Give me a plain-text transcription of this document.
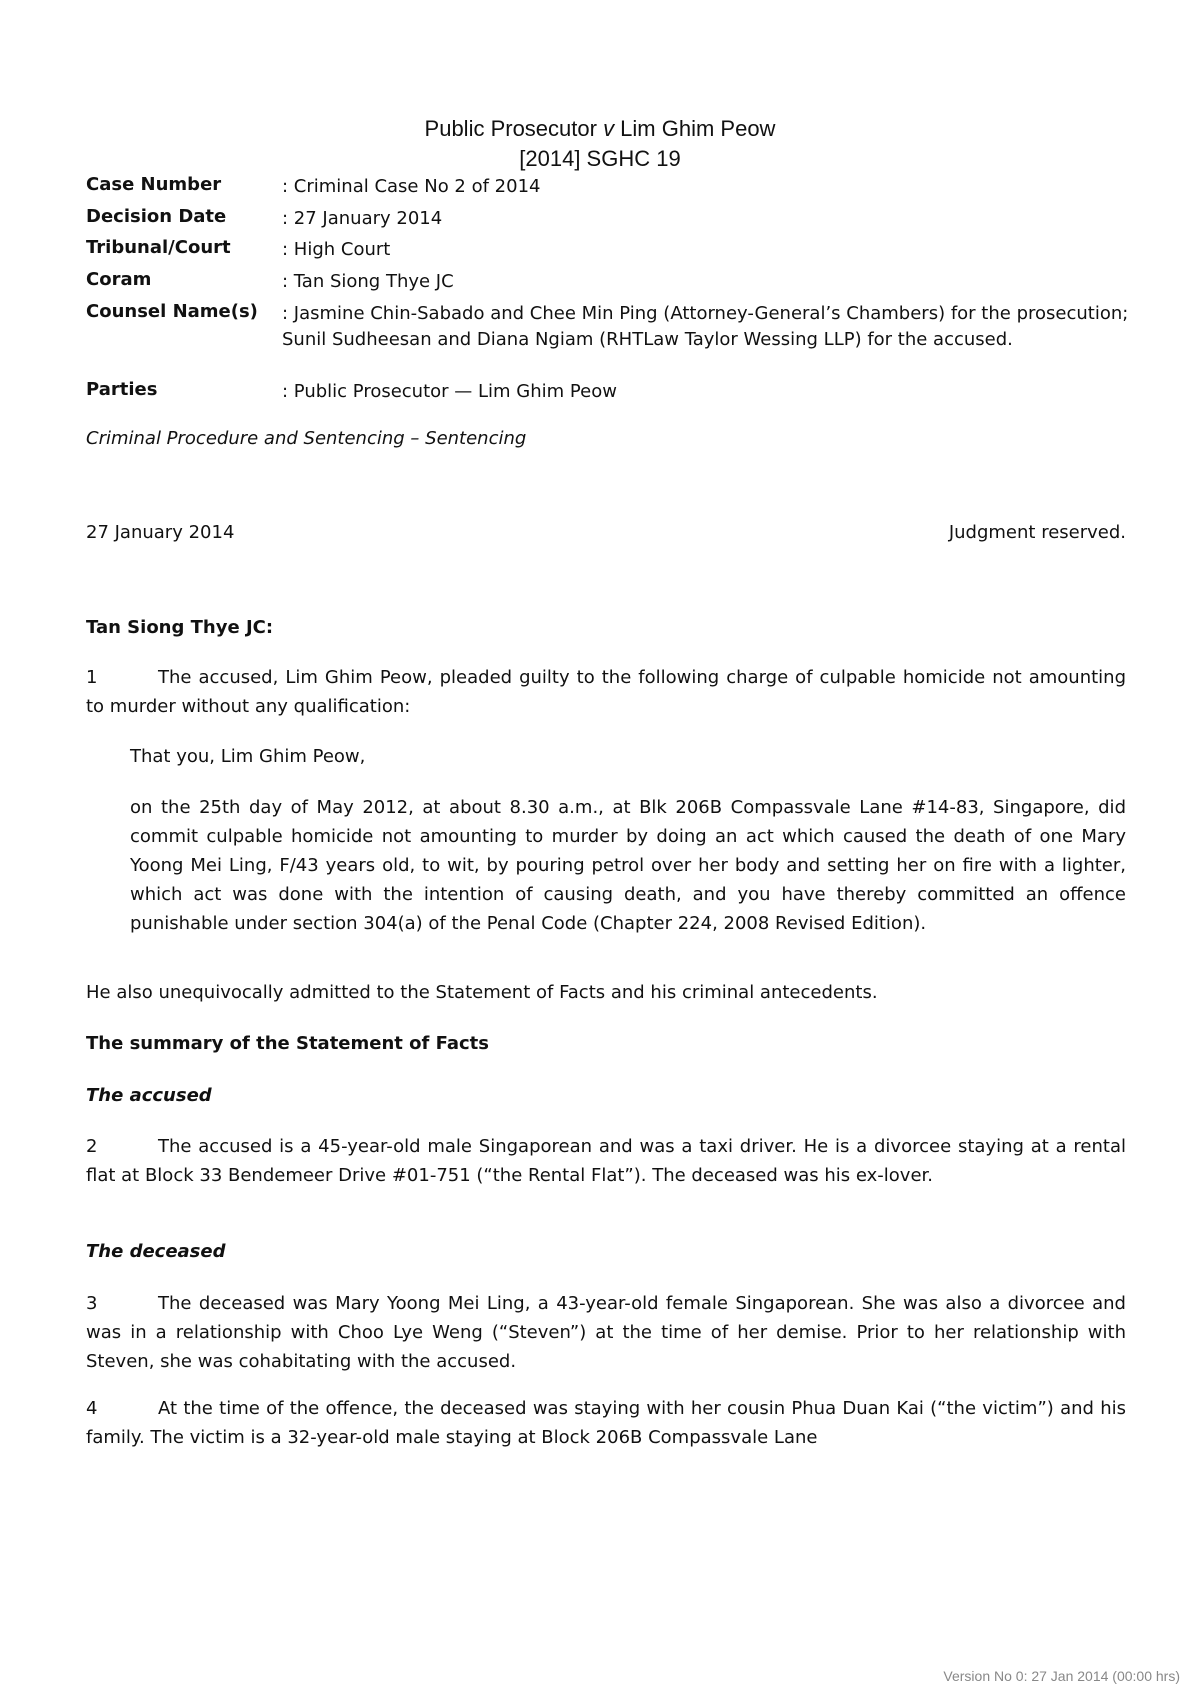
Public Prosecutor v Lim Ghim Peow
[2014] SGHC 19
Case Number	: Criminal Case No 2 of 2014
Decision Date	: 27 January 2014
Tribunal/Court	: High Court
Coram	: Tan Siong Thye JC
Counsel Name(s) : Jasmine Chin-Sabado and Chee Min Ping (Attorney-General’s Chambers) for the prosecution; Sunil Sudheesan and Diana Ngiam (RHTLaw Taylor Wessing LLP) for the accused.
Parties	: Public Prosecutor — Lim Ghim Peow
Criminal Procedure and Sentencing – Sentencing
27 January 2014	Judgment reserved.
Tan Siong Thye JC:
1	The accused, Lim Ghim Peow, pleaded guilty to the following charge of culpable homicide not amounting to murder without any qualification:
That you, Lim Ghim Peow,
on the 25th day of May 2012, at about 8.30 a.m., at Blk 206B Compassvale Lane #14-83, Singapore, did commit culpable homicide not amounting to murder by doing an act which caused the death of one Mary Yoong Mei Ling, F/43 years old, to wit, by pouring petrol over her body and setting her on fire with a lighter, which act was done with the intention of causing death, and you have thereby committed an offence punishable under section 304(a) of the Penal Code (Chapter 224, 2008 Revised Edition).
He also unequivocally admitted to the Statement of Facts and his criminal antecedents.
The summary of the Statement of Facts
The accused
2	The accused is a 45-year-old male Singaporean and was a taxi driver. He is a divorcee staying at a rental flat at Block 33 Bendemeer Drive #01-751 (“the Rental Flat”). The deceased was his ex-lover.
The deceased
3	The deceased was Mary Yoong Mei Ling, a 43-year-old female Singaporean. She was also a divorcee and was in a relationship with Choo Lye Weng (“Steven”) at the time of her demise. Prior to her relationship with Steven, she was cohabitating with the accused.
4	At the time of the offence, the deceased was staying with her cousin Phua Duan Kai (“the victim”) and his family. The victim is a 32-year-old male staying at Block 206B Compassvale Lane
Version No 0: 27 Jan 2014 (00:00 hrs)
